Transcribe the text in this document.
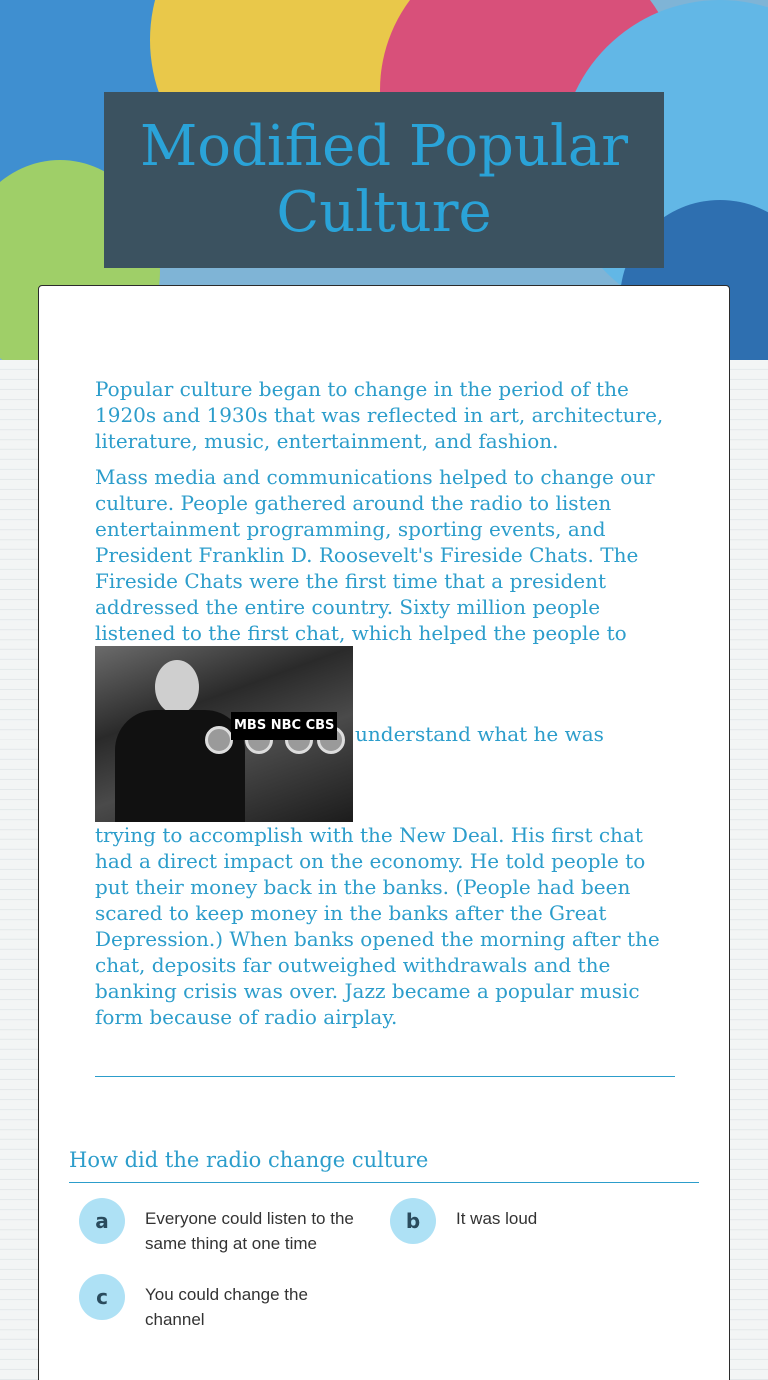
Modified Popular Culture

Popular culture began to change in the period of the 1920s and 1930s that was reflected in art, architecture, literature, music, entertainment, and fashion.

Mass media and communications helped to change our culture. People gathered around the radio to listen entertainment programming, sporting events, and President Franklin D. Roosevelt's Fireside Chats. The Fireside Chats were the first time that a president addressed the entire country. Sixty million people listened to the first chat, which helped the people to
MBS NBC CBS understand what he was
trying to accomplish with the New Deal. His first chat had a direct impact on the economy. He told people to put their money back in the banks. (People had been scared to keep money in the banks after the Great Depression.) When banks opened the morning after the chat, deposits far outweighed withdrawals and the banking crisis was over. Jazz became a popular music form because of radio airplay.

How did the radio change culture
a	Everyone could listen to the same thing at one time
b	It was loud
c	You could change the channel
